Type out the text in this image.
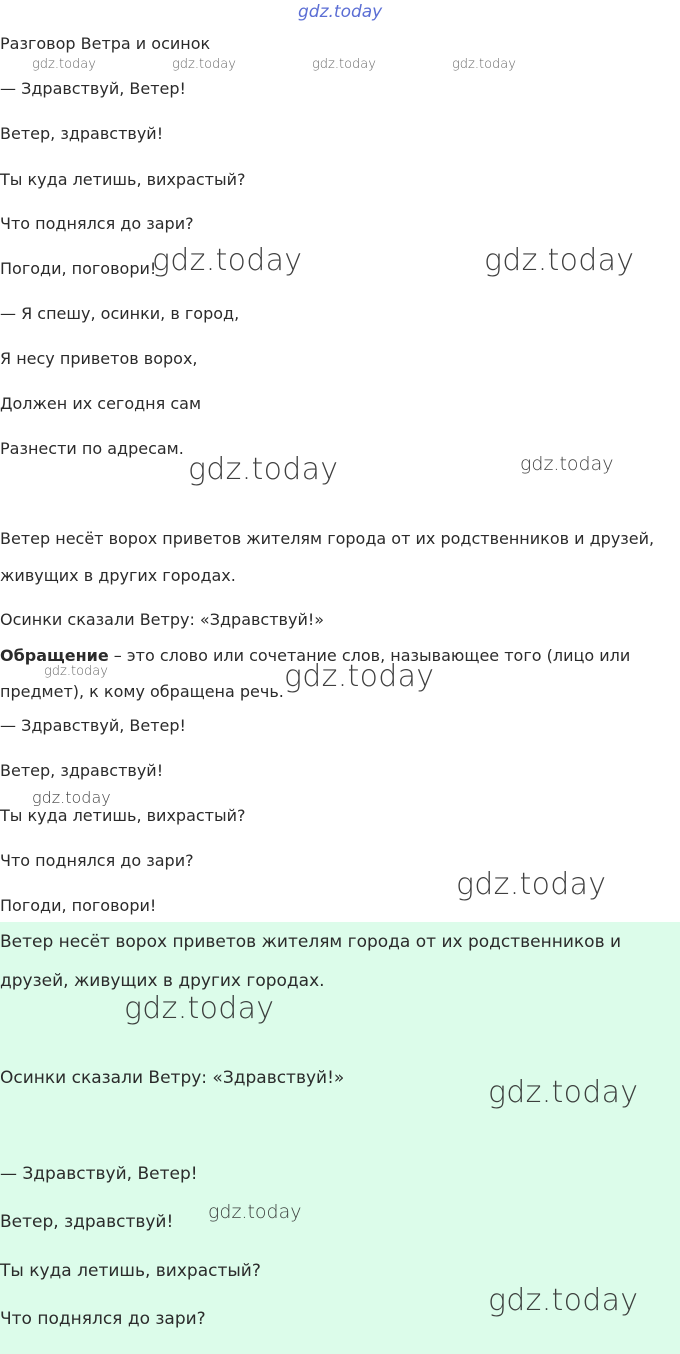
gdz.today
Разговор Ветра и осинок
gdz.today	gdz.today	gdz.today	gdz.today
— Здравствуй, Ветер!
Ветер, здравствуй!
Ты куда летишь, вихрастый?
Что поднялся до зари?
Погоди, поговори!
gdz.today	gdz.today
— Я спешу, осинки, в город,
Я несу приветов ворох,
Должен их сегодня сам
Разнести по адресам.
gdz.today	gdz.today
Ветер несёт ворох приветов жителям города от их родственников и друзей,
живущих в других городах.
Осинки сказали Ветру: «Здравствуй!»
Обращение – это слово или сочетание слов, называющее того (лицо или
gdz.today
предмет), к кому обращена речь. gdz.today
— Здравствуй, Ветер!
Ветер, здравствуй!
gdz.today
Ты куда летишь, вихрастый?
Что поднялся до зари?
Погоди, поговори!
gdz.today
Ветер несёт ворох приветов жителям города от их родственников и
друзей, живущих в других городах.
gdz.today
Осинки сказали Ветру: «Здравствуй!»	gdz.today
— Здравствуй, Ветер!
Ветер, здравствуй! gdz.today
Ты куда летишь, вихрастый?
Что поднялся до зари?
gdz.today
